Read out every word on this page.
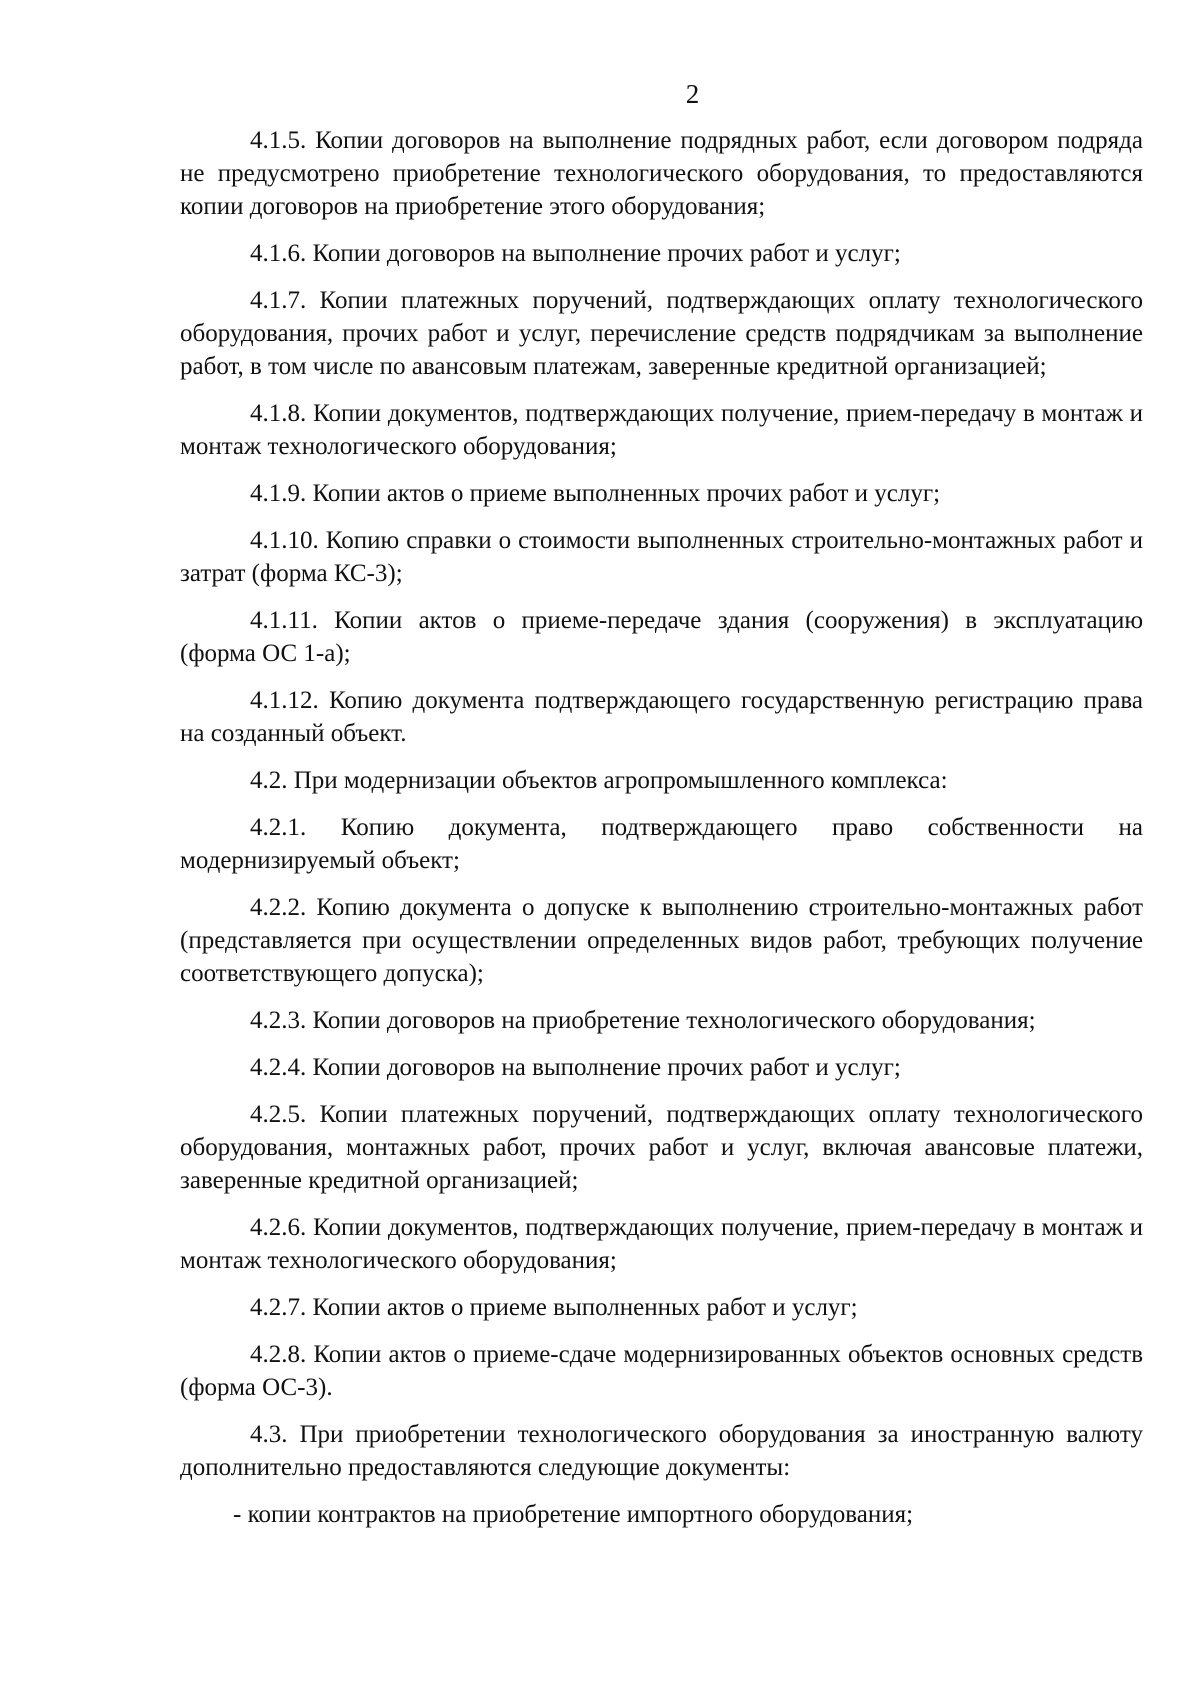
2

4.1.5. Копии договоров на выполнение подрядных работ, если договором подряда не предусмотрено приобретение технологического оборудования, то предоставляются копии договоров на приобретение этого оборудования;

4.1.6. Копии договоров на выполнение прочих работ и услуг;

4.1.7. Копии платежных поручений, подтверждающих оплату технологического оборудования, прочих работ и услуг, перечисление средств подрядчикам за выполнение работ, в том числе по авансовым платежам, заверенные кредитной организацией;

4.1.8. Копии документов, подтверждающих получение, прием-передачу в монтаж и монтаж технологического оборудования;

4.1.9. Копии актов о приеме выполненных прочих работ и услуг;

4.1.10. Копию справки о стоимости выполненных строительно-монтажных работ и затрат (форма КС-3);

4.1.11. Копии актов о приеме-передаче здания (сооружения) в эксплуатацию (форма ОС 1-а);

4.1.12. Копию документа подтверждающего государственную регистрацию права на созданный объект.

4.2. При модернизации объектов агропромышленного комплекса:

4.2.1. Копию документа, подтверждающего право собственности на модернизируемый объект;

4.2.2. Копию документа о допуске к выполнению строительно-монтажных работ (представляется при осуществлении определенных видов работ, требующих получение соответствующего допуска);

4.2.3. Копии договоров на приобретение технологического оборудования;

4.2.4. Копии договоров на выполнение прочих работ и услуг;

4.2.5. Копии платежных поручений, подтверждающих оплату технологического оборудования, монтажных работ, прочих работ и услуг, включая авансовые платежи, заверенные кредитной организацией;

4.2.6. Копии документов, подтверждающих получение, прием-передачу в монтаж и монтаж технологического оборудования;

4.2.7. Копии актов о приеме выполненных работ и услуг;

4.2.8. Копии актов о приеме-сдаче модернизированных объектов основных средств (форма ОС-3).

4.3. При приобретении технологического оборудования за иностранную валюту дополнительно предоставляются следующие документы:

- копии контрактов на приобретение импортного оборудования;
